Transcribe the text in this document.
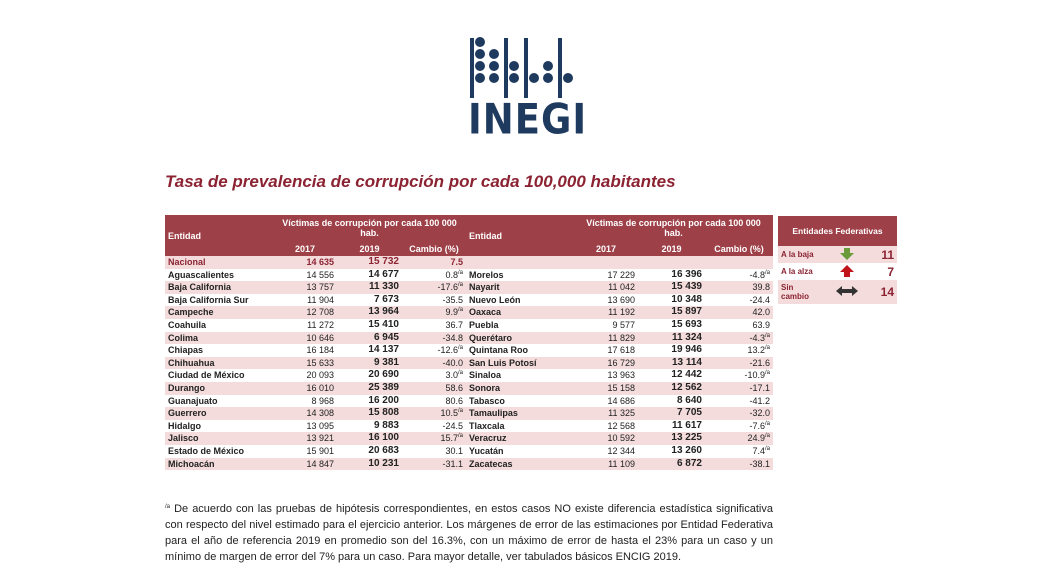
INEGI
Tasa de prevalencia de corrupción por cada 100,000 habitantes
Entidad	Víctimas de corrupción por cada 100 000 hab.			Entidad	Víctimas de corrupción por cada 100 000 hab.		
	2017	2019	Cambio (%)		2017	2019	Cambio (%)
Nacional	14 635	15 732	7.5				
Aguascalientes	14 556	14 677	$0.8^{/a}$	Morelos	17 229	16 396	$-4.8^{/a}$
Baja California	13 757	11 330	$-17.6^{/a}$	Nayarit	11 042	15 439	39.8
Baja California Sur	11 904	7 673	-35.5	Nuevo León	13 690	10 348	-24.4
Campeche	12 708	13 964	$9.9^{/a}$	Oaxaca	11 192	15 897	42.0
Coahuila	11 272	15 410	36.7	Puebla	9 577	15 693	63.9
Colima	10 646	6 945	-34.8	Querétaro	11 829	11 324	$-4.3^{/a}$
Chiapas	16 184	14 137	$-12.6^{/a}$	Quintana Roo	17 618	19 946	$13.2^{/a}$
Chihuahua	15 633	9 381	-40.0	San Luis Potosí	16 729	13 114	-21.6
Ciudad de México	20 093	20 690	$3.0^{/a}$	Sinaloa	13 963	12 442	$-10.9^{/a}$
Durango	16 010	25 389	58.6	Sonora	15 158	12 562	-17.1
Guanajuato	8 968	16 200	80.6	Tabasco	14 686	8 640	-41.2
Guerrero	14 308	15 808	$10.5^{/a}$	Tamaulipas	11 325	7 705	-32.0
Hidalgo	13 095	9 883	-24.5	Tlaxcala	12 568	11 617	$-7.6^{/a}$
Jalisco	13 921	16 100	$15.7^{/a}$	Veracruz	10 592	13 225	$24.9^{/a}$
Estado de México	15 901	20 683	30.1	Yucatán	12 344	13 260	$7.4^{/a}$
Michoacán	14 847	10 231	-31.1	Zacatecas	11 109	6 872	-38.1
Entidades Federativas		
A la baja		11
A la alza		7
Sin cambio		14
$^{/a}$ De acuerdo con las pruebas de hipótesis correspondientes, en estos casos NO existe diferencia estadística significativa con respecto del nivel estimado para el ejercicio anterior. Los márgenes de error de las estimaciones por Entidad Federativa para el año de referencia 2019 en promedio son del 16.3%, con un máximo de error de hasta el 23% para un caso y un mínimo de margen de error del 7% para un caso. Para mayor detalle, ver tabulados básicos ENCIG 2019.
